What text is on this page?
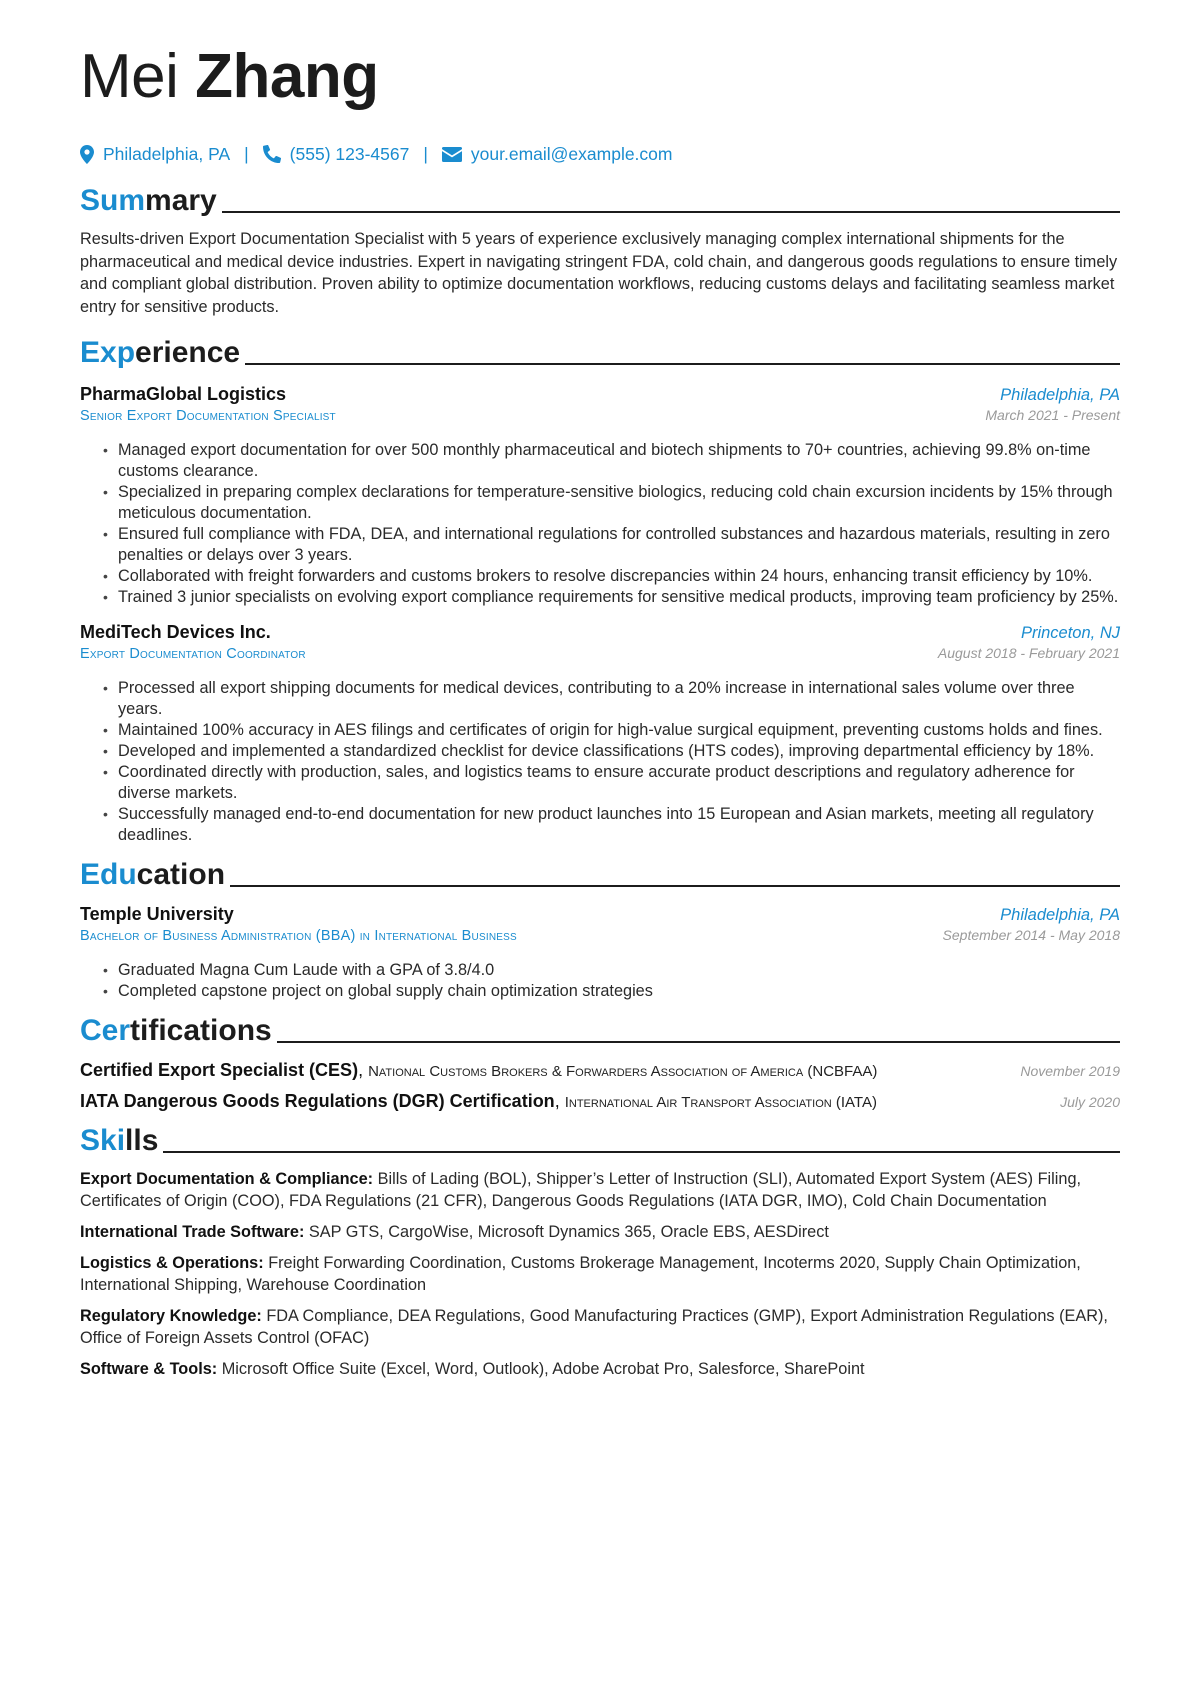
Mei Zhang
Philadelphia, PA | (555) 123-4567 | your.email@example.com
Summary

Results-driven Export Documentation Specialist with 5 years of experience exclusively managing complex international shipments for the pharmaceutical and medical device industries. Expert in navigating stringent FDA, cold chain, and dangerous goods regulations to ensure timely and compliant global distribution. Proven ability to optimize documentation workflows, reducing customs delays and facilitating seamless market entry for sensitive products.

Experience
PharmaGlobal Logistics	Philadelphia, PA
Senior Export Documentation Specialist	March 2021 - Present
• Managed export documentation for over 500 monthly pharmaceutical and biotech shipments to 70+ countries, achieving 99.8% on-time customs clearance.
• Specialized in preparing complex declarations for temperature-sensitive biologics, reducing cold chain excursion incidents by 15% through meticulous documentation.
• Ensured full compliance with FDA, DEA, and international regulations for controlled substances and hazardous materials, resulting in zero penalties or delays over 3 years.
• Collaborated with freight forwarders and customs brokers to resolve discrepancies within 24 hours, enhancing transit efficiency by 10%.
• Trained 3 junior specialists on evolving export compliance requirements for sensitive medical products, improving team proficiency by 25%.
MediTech Devices Inc.	Princeton, NJ
Export Documentation Coordinator	August 2018 - February 2021
• Processed all export shipping documents for medical devices, contributing to a 20% increase in international sales volume over three years.
• Maintained 100% accuracy in AES filings and certificates of origin for high-value surgical equipment, preventing customs holds and fines.
• Developed and implemented a standardized checklist for device classifications (HTS codes), improving departmental efficiency by 18%.
• Coordinated directly with production, sales, and logistics teams to ensure accurate product descriptions and regulatory adherence for diverse markets.
• Successfully managed end-to-end documentation for new product launches into 15 European and Asian markets, meeting all regulatory deadlines.
Education
Temple University	Philadelphia, PA
Bachelor of Business Administration (BBA) in International Business	September 2014 - May 2018
• Graduated Magna Cum Laude with a GPA of 3.8/4.0
• Completed capstone project on global supply chain optimization strategies
Certifications
Certified Export Specialist (CES), National Customs Brokers & Forwarders Association of America (NCBFAA)	November 2019
IATA Dangerous Goods Regulations (DGR) Certification, International Air Transport Association (IATA)	July 2020
Skills
Export Documentation & Compliance: Bills of Lading (BOL), Shipper’s Letter of Instruction (SLI), Automated Export System (AES) Filing, Certificates of Origin (COO), FDA Regulations (21 CFR), Dangerous Goods Regulations (IATA DGR, IMO), Cold Chain Documentation
International Trade Software: SAP GTS, CargoWise, Microsoft Dynamics 365, Oracle EBS, AESDirect
Logistics & Operations: Freight Forwarding Coordination, Customs Brokerage Management, Incoterms 2020, Supply Chain Optimization, International Shipping, Warehouse Coordination
Regulatory Knowledge: FDA Compliance, DEA Regulations, Good Manufacturing Practices (GMP), Export Administration Regulations (EAR), Office of Foreign Assets Control (OFAC)
Software & Tools: Microsoft Office Suite (Excel, Word, Outlook), Adobe Acrobat Pro, Salesforce, SharePoint
